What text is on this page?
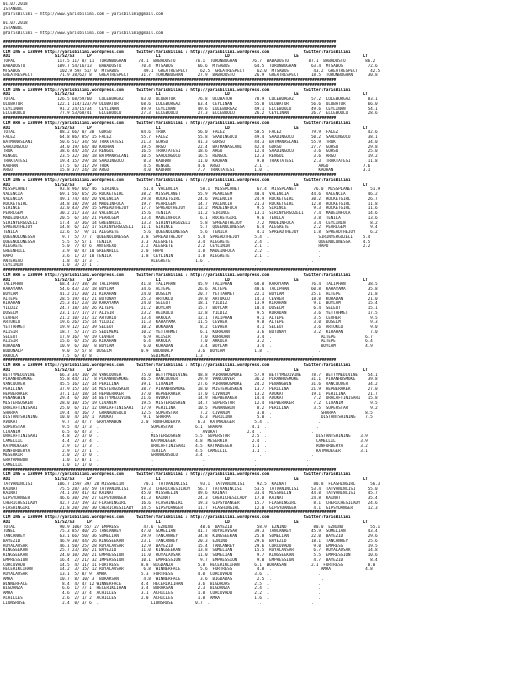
01.07.2018
ISTANBUL
@YarisBilimi — http://www.yarisbilimi.com — yarisbilimi@gmail.com

01.07.2018
ISTANBUL
@YarisBilimi — http://www.yarisbilimi.com — yarisbilimi@gmail.com

##########################################################################################################################################
##########################################################################################################################################
CIM ING = 138994 http://yarisbilimi.wordpress.com     twitter:YarisBilimi : http://yarisbilimi.wordpress.com              twitter:YarisBilimi
ADI                  S1/S2/S3     LP                          L1                          LD                          LE                          LT
TOPAL                 117.5 11/ 8/ 11  TORUNBUGHAN     74.1  BABADOSTU        76.1  TORUNBUGHAN      76.7  BABADOSTU        87.1  BABADOSTU        86.2
BABADOSTU             109.7 54/16/13   BABADOSTU        70.4  MTSABOS          66.6  MTSABOS          64.5  TORUNBUGHAN      63.4  MTSABOS          72.6
MTSABOS                102.9 59/ 51/ 0  MTSABOS          49.1  GREATRESPECT     62.5  GREATRESPECT     62.0  MTSABOS          43.2  GREATRESPECT     42.5
GREATRESPECT           71.9 38/62/ 8   GREATRESPECT     31.7  TORUNBUGHAN      27.9  BABADOSTU        26.9  GREATRESPECT     18.5  TORUNBUGHAN      30.8
##########################################################################################################################################
##########################################################################################################################################
CIM ING = 138994 http://yarisbilimi.wordpress.com     twitter:YarisBilimi : http://yarisbilimi.wordpress.com              twitter:YarisBilimi
ADI                  S1/S2/S3     LP                          L1                          LD                          LE                          LT
TOTAL                 126.5 68/59/60   LULEBURGAZ       83.0  ULUBATUR         76.8  ULUBATUR         78.9  LULEBURGAZ       57.2  LULEBURGAZ       83.1
ULUBATUR              122.1 114/123/79 ULUBATUR         68.6  LULEBURGAZ       63.4  CEYLINAN         55.8  ULUBATUR         56.6  ULUBATUR         66.0
CEYLINAN               91.2 24/15/34   CEYLINAN         49.9  CEYLINAN         49.6  LULEBURGAZ       49.1  ELCEBOOLU        49.6  CEYLINAN         54.1
ELCEBOOLU              77.9 53/68/41   ELCEBOOLU        27.3  ELCEBOOLU        27.3  ELCEBOOLU        26.2  CEYLINAN         26.7  ELCEBOOLU        28.6
##########################################################################################################################################
CIM ARA = 138994 http://yarisbilimi.wordpress.com     twitter:YarisBilimi : http://yarisbilimi.wordpress.com              twitter:YarisBilimi
ADI                  S1/S2/S3     LP                          L1                          LD                          LE                          LT
TOTAL                  88.2 66/ 0/ 30  GURSU            84.6  TROK             56.0  FALEZ            58.5  FALEZ            79.9  FALEZ            42.6
FALEZ                  64.8 86/ 85/ 15 FALEZ            55.7  FALEZ            55.8  SAADINGUCU       49.4  SAADINGUCU       50.2  SAADINGUCU       38.1
BATMANASLANI           50.6 51/ 34/ 50 TRAKTATESI       21.3  GURSU            41.3  GURSU            44.3  BATMANASLANI     55.9  TROK             34.0
SAADINGUCU             34.0 19/ 64/ 40 KAOHAN           19.5  ARGO             22.4  BATMANASLANI     42.4  GURSU            27.7  GURSU            29.8
TROK                   38.6 44/ 24/ 23 RENGUL           16.5  TRAKTATESI       18.6  ARGO             12.4  SAADINGUCU        3.6  GURSU            25.0
RENGUL                 23.5 32/ 18/ 18 BATMANASLANI     10.5  SAADINGUCU       16.5  RENGUL           12.3  RENGUL            3.6  ARGO             19.2
TRAKTATESI             19.4 15/ 29/ 18 SAADINGUCU        8.3  KAOHAN           11.0  KAOHAN            9.8  TRAKTATESI        2.3  TRAKTATESI       11.8
KAOHAN                 17.5  6/ 11/ 29 TROK              4.5  RENGUL           4.6  ARGO              2.1  .                    ARGO              7.6
ARGO                   15.8 37/ 24/ 18 ARGO              4.0  KAOHAN           7.7  TRAKTATESI        1.0  .                    KAOHAN            3.1
##########################################################################################################################################
CIM ING = 138994 http://yarisbilimi.wordpress.com     twitter:YarisBilimi : http://yarisbilimi.wordpress.com              twitter:YarisBilimi
ADI                  S1/S2/S3     LP                          L1                          LD                          LE                          LT
MISSPLANET             93.8 96/ 66/ 46  SIRINCE          51.4  VALENCIA         58.1  MISSPLANET       67.4  MISSPLANET       76.0  MISSPLANET       51.9
VALENCIA               69.1 56/ 65/ 26 ROCKETGIRL       38.2  MISSPLANET       55.9  PEARLGEM         40.4  VALENCIA         44.6  VALENCIA         46.2
VALENCIA               49.1 74/ 44/ 20 VALENCIA         29.8  ROCKETGIRL       24.6  VALENCIA         24.9  ROCKETGIRL       30.2  ROCKETGIRL       26.7
ROCKETGIRL             34.8 18/ 29/ 34 MADEINFOCA       19.7  PEARLGEM         14.7  VALENCIA         21.3  ROCKETGIRL       12.8  ROCKETGIRL       11.8
SIRINCE                32.0 43/ 29/ 15 SPREADTHEJOY     17.7  SPREADTHEJOY     13.2  MADEINFOCA        9.5  SIRINCE           9.3  ROCKETGIRL       11.6
PEARLGEM               30.2 21/ 33/ 33 VALENCIA         15.6  TENILA           11.2  SIRINCE          13.1  SIRINYERGUZELI    7.4  MADEINFOCA       14.6
MADEINFOCA             20.5  6/ 14/ 21 PEARLGEM         13.4  MADEINFOCA        6.1  ROCKETGIRL        9.6  TENILA            3.8  TENILA           13.6
SIRINYERGUZELI         17.4  3/ 36/ 14 GREENHILL        13.3  SIRINYERGUZELI    5.8  SPREADTHEJOY      7.2  MADEINFOCA        3.4  CEYLININ          8.2
SPREADTHEJOY           14.8  6/ 12/ 17 SIRINYERGUZELI   11.1  GIRINCE           5.7  QUEENOLONESSA     6.4  ALEGRETE          2.2  PEARLGEM          9.4
TENILA                 12.6  5/  9/ 11 ALEGRETE          5.6  QUEENOLONESSA     5.6  TENILA            4.1  SPREADTHEJOY      1.8  SPREADTHEJOY      6.2
QUEENOLONESSA           9.7  5/ 7/ 7  QUEENOLONESSA     3.8  SPREADTHEJOY      5.4  SPREADTHEJOY      5.4  .                    SIRINYERGUZELI    5.4
QUEENOLONESSA           5.5  5/ 5/ 1  TENILA            3.3  ALEGRETE          3.4  ALEGRETE          2.4  .                    QUEENOLONESSA     4.5
ALEGRETE                5.0  7/ 4/ 6  ANTEREXO          2.2  ALEGRETE          2.2  CEYLININ          2.1  .                    HAPO              2.2
GREENHILL               3.9  0/ 4/ 10 GREENHILL         2.0  HAPO              1.8  MADEINFOCA        2.2  .                    .
HAPO                    3.6  1/ 2/ 10 TENILA            1.8  CEYLININ          1.8  ALEGRETE          2.1  .                    .
ANTEREXO                1.8  4/ 1/ 3  .                     ALEGRETE          1.6  .                    .                    .
CEYLININ                1.0  3/ 2/ 1  .                     .                    .                    .                    .
##########################################################################################################################################
CIM ARA = 138994 http://yarisbilimi.wordpress.com     twitter:YarisBilimi : http://yarisbilimi.wordpress.com              twitter:YarisBilimi
ADI                  S1/S2/S3     LP                          L1                          LD                          LE                          LT
TALIPHAN               68.4 37/ 38/ 38 TALIPHAN         41.8  TALIPHAN         45.9  TALIPHAN         68.8  KARAYAMA         76.4  TALIPHAN         38.5
KARAYAMA               54.6 43/ 23/ 18 BOYLAM           34.6  ALTEPE           26.6  ALTEPE           48.6  TALIPHAN         60.8  KARAYAMA         35.8
BOYLAM                 41.2 21/ 30/ 21 KIRAHAN          24.0  DUSELM           20.7  YETTAHMET        22.1  BOYLAM           25.1  ALTEPE           21.8
ALTEPE                 28.5 19/ 41/ 21 BUTONAY          25.3  ARTUKLU          19.8  ARTUKLU          14.3  CEVHER           18.8  KURADAN          21.0
KIRAHAN                25.3 41/ 23/ 10 KARAYAMA         24.0  SELEUT           18.1  YILDIZ           13.9  KIRAHAN           9.1  BOYLAM           15.4
YILDIZ                 24.7 18/ 14/ 26 ALTEPE           21.2  BOYLAM           15.7  BOYLAM           10.4  DUSELM            6.4  SELEUT           15.1
DUSELM                 23.1 17/ 17/ 27 ALISIR           23.2  REIKOLU          12.8  YILDIZ            9.5  KURADAN           3.6  YETTAHMET        17.5
CEVHER                 21.2 10/ 21/ 12 ARTUKLU          13.4  AKKOLA           12.1  TALIPHAN          9.1  ALTEPE            3.5  CEVHER            9.5
ARTUKLU                19.6 26/ 15/ 14 YILDIZ           11.3  KARAYAMA         11.5  CEVHER            9.8  ALTEPE            3.0  DUSELM            9.3
YETTAHMET              19.9 12/ 12/ 39 SELEUT           10.2  BUKADAN           8.2  CEVHER            4.1  SELEUT            3.6  ARTUKLU           9.0
ALISIR                 18.7  5/ 17/ 15 SEDIMEMI         10.2  YETTAHMET         6.1  KURADAN           3.6  BUTONAY           3.2  KIRAHAN           7.0
SELEUT                 17.9 16/  9/ 19 CEVHER            6.9  ALISIR            7.0  KURADAN           3.4  .                    ALTEPE            6.7
ALISIR                 15.6  6/ 15/ 16 KIRAHAN           6.4  AKKOLA            7.0  AKKOLA            3.2  .                    ALTEPE            6.4
KURADAN                10.9  6/ 10/  8 BOYLAM            6.0  KURADAN           3.4  BOYLAM            3.4  .                    BOYLAM            4.9
BUDUNALP                9.0  5/ 5/ 8  DUSELM            0.9  BUDUNALP          3.6  BOYLAM            1.8  .                    .
AKKOLA                  7.5  6/ 4/ 8  .                     SEDIMEMI          1.3  .                    .                    .
##########################################################################################################################################
CIM ARA = 138994 http://yarisbilimi.wordpress.com     twitter:YarisBilimi : http://yarisbilimi.wordpress.com              twitter:YarisBilimi
ADI                  S1/S2/S3     LP                          L1                          LD                          LE                          LT
BETTYMEDIVINE          66.3 34/ 10/ 28 VANCOUVER        75.0  BETTYMEDIVINE    48.8  PIRANHOSMOKE     57.9  BETTYMEDIVINE    78.7  BETTYMEDIVINE    54.1
PIRANHOSMOKE           55.8 44/ 11/  8 PIRANHOSMOKE     46.5  VANCOUVER        29.9  VANCOUVER        36.2  PIRANHOSMOKE     31.1  PIRANHOSMOKE     39.8
VANCOUVER              45.5 16/ 12/ 14 PERILINA         39.1  CIVANIM          27.6  PIRANHOSMOKE     24.2  PENANGWIN        31.6  VANCOUVER        34.2
PERILINA               37.9 15/ 14/ 14 MISTERGOSKEN     38.7  PIRANHOSMOKE     18.0  MISTERGOSKEN     13.7  PERILINA         21.9  HEPBERAKER       27.0
HEPBERAKER             37.1 13/ 18/ 14 HEPBERAKER       37.0  HEPBERAKER       17.0  CIVANIM          13.2  AVUKAT           19.1  PERILINA         21.7
PENANGWIN              29.4  6/ 10/ 14 BETTYMEDIVINE    21.6  AVUKAT           14.9  HEPBERAKER       14.4  AVUKAT            7.2  URALAFTINISARI   15.8
MISTERGOSKEN           28.0 10/ 15/ 19 CIVANIM          19.5  MISTERGOSKEN     14.7  SUPERSTAR        12.4  HEPBERAKER        7.2  CIVANIM           9.5
URALAFTINISARI         25.0  6/ 11/ 12 URALAFTINISARI   17.9  PERILINA         10.5  PENANGWIN         8.2  PERILINA          3.5  SUPERSTAR         9.2
SHARPA                 19.4  4/ 16/ 7  GRANADOSOLO      12.5  SUPERSTAR         7.2  CIVANIM           3.8  .                    SHARPA            8.5
DISTANTSHINING         10.0  4/ 14/ 1  AVUKAT            9.1  SHARPA            6.3  PERILINA          5.0  .                    DISTANTSHINING    7.5
AVUKAT                  9.7  3/ 4/ 7  GRAYAMABON        2.0  RUNFORDERYA       6.3  KATMADEGER        5.4  .                    .
SUPERSTAR               9.5  4/ 1/ 3  .                     SUPERSTAR         6.1  SHARPA            4.1  .                    .
CIVANIM                 6.5  6/ 4/ 3  .                     .                    AVUKAT            2.4  .                    .
URALAFTINISARI          4.8  2/ 3/ 0  .                     MISTERGOSKEN      5.5  SUPERSTAR         2.5  .                    DISTANTSHINING    3.9
CAMELLIL                4.4  2/ 3/ 4  .                     KATMADEGER        4.8  MESERKIR          2.4  .                    CAMELLIL          3.9
KATMADEGER              2.9  1/ 1/ 3  .                     URALAFTINISARI    4.5  KATMADEGER        1.1  .                    RUNFORDERYA       3.2
RUNFORDERYA             2.9  1/ 2/ 1  .                     TERILA            4.5  CAMELLIL          1.1  .                    KATMADEGER        3.1
MESERKIR                2.0  2/ 1/ 0  .                     GRANADOSOLO       3.4  .                    .                    .
GRAYAMABON              1.0  1/ 0/ 1  .                     .                    .                    .                    .
CAMELLIL                1.0  1/ 1/ 0  .                     .                    .                    .                    .
##########################################################################################################################################
CIM ING = 138994 http://yarisbilimi.wordpress.com     twitter:YarisBilimi : http://yarisbilimi.wordpress.com              twitter:YarisBilimi
ADI                  S1/S2/S3     LP                          L1                          LD                          LE                          LT
TATVANINCISI          106.7 159/ 39/ 28 MISSHELIN        70.1  TATVANINCISI     93.1  TATVANINCISI     92.5  KAINAT           80.8  FLASHINGIRL      56.3
KAINAT                 75.5 28/ 34/ 59 TATVANINCISI     59.3  CHERICHESILADY   56.7  TATVANINCISI     53.5  TATVANINCISI     53.4  TATVANINCISI     55.0
KAINAT                 74.1 39/ 41/ 42 KAINAT           45.0  MISSHELIN        49.6  KAINAT           33.4  MISSHELIN        44.8  TATVANINCISI     45.7
GIPSYDANGER            46.6 30/ 29/ 27 GIPSYDANGER      41.3  KAINAT           24.3  CHERICHESILADY   17.8  KAINAT           24.8  KAINAT           35.4
CHERICHESILADY         42.7 23/ 19/ 32 FLASHINGIRL      16.6  FLASHINGIRL      19.3  GIPSYDANGER      15.7  FLASHINGIRL       8.1  CHERICHESILADY   24.6
FLASHINGIRL            21.8 20/ 28/ 30 CHERICHESILADY   14.5  GIPSYDANGER      11.7  FLASHINGIRL      12.0  GIPSYDANGER       4.1  GIPSYDANGER      12.3
##########################################################################################################################################
CIM ING = 138994 http://yarisbilimi.wordpress.com     twitter:YarisBilimi : http://yarisbilimi.wordpress.com              twitter:YarisBilimi
ADI                  S1/S2/S3     LP                          L1                          LD                          LE                          LT
TOTAL                  90.9 106/ 55/ 27 EMPRESS          47.6  EZNINO           40.6  BAYEZID          58.9  EZNINO           80.0  EZNINO           55.1
TUNEL                  75.3 85/ 40/ 25 TANCANREY        47.0  SUMELIAN         41.7  ROYALAVSAR       39.3  TANCANREY        45.9  SUMELIAN         43.4
TANCANREY              63.1 66/ 50/ 36 SUMELIAN         29.9  TANCANREY        34.8  KINGSEEKAN       25.8  SUMELIAN         22.0  BAYEZID          29.6
BAYEZID                46.9 38/ 44/ 26 KINGSEEKAN       23.1  TANCANREY        20.3  EZNINO           29.6  BAYEZID          18.1  TANCANREY        25.6
ROYALAVSAR             46.1 50/ 25/ 28 ROYALAVSAR       12.9  BAYEZID          15.4  TANCANREY        29.6  CORCOVADO         9.0  EMPRESS          19.5
KINGSEEKAN             25.7 23/ 16/ 21 BAYEZID          11.0  KINGSEEKAN       13.8  SUMELIAN         15.5  ROYALAVSAR        6.7  ROYALAVSAR       14.8
KINGSEEKAN             24.0 10/ 20/ 21 EMPRESSION       11.0  ROYALAVSAR       11.0  SUMELIAN          9.7  KINGSEEKAN        5.5  EMPRESSION       10.6
EMPRESSION             16.4  2/ 21/ 32 IMPERSSION       10.1  EMPRESSION        9.7  EMPRESSION        9.0  EMPRESSION        4.7  BAYEZID           8.4
CORCOVADO              14.5  4/ 11/ 11 FORTRESS         8.8  BIGDANZA          5.8  HECERIKLIHAN      6.1  BURAKSAN          2.1  FORTRESS          8.0
HECERIKLIHAN           14.2  3/ 15/ 12 ROYALAVSAR        6.8  WINNERFACE        5.6  FORTRESS          4.8  .                    AMRA              4.8
ROYALAVSAR             13.1  5/ 8/ 9  AMRA              5.3  FORTRESS          4.0  CORCOVADO         3.6  .                    .
AMRA                   10.7  8/ 10/ 3  BURAKSAN          4.8  WINNERFACE        3.6  BIGDADAS          2.5  .                    .
WINNERFACE              8.4  4/ 4/ 12 WINNERFACE        4.4  HECERIKLIHAN      3.6  BIGDADAS          2.5  .                    .
BIGDANZA                6.6  1/ 7/ 1  HECERIKLIHAN      3.4  BURAKSAN          2.3  BIGDANZA          2.4  .                    .
AMRA                    4.6  2/ 3/ 4  ACHILLES          3.1  ACHILLES          1.8  CORCOVADO         2.2  .                    .
ACHILLES                2.6  2/ 1/ 2  ACHILLES          2.0  ACHILLES          1.8  AMRA              1.6  .                    .
LIONSROSE               2.4  0/ 3/ 6  .                     LIONSROSE         0.7  .                    .                    .
